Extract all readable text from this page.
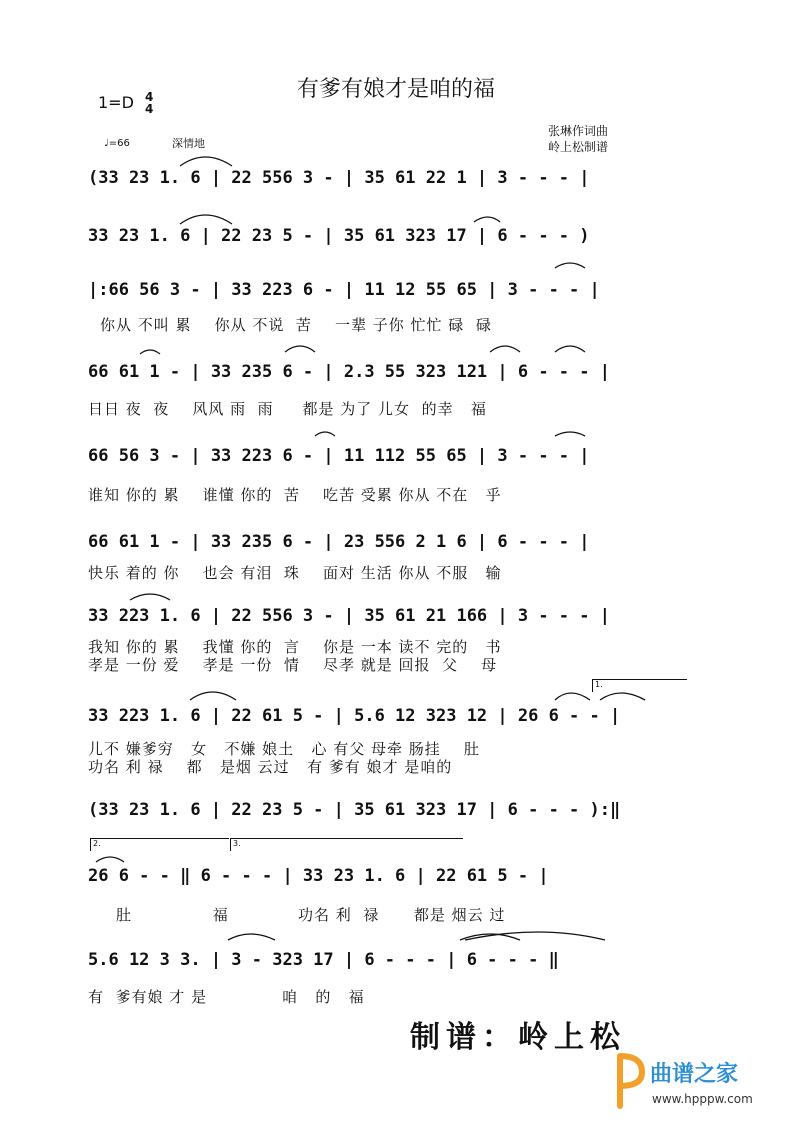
有爹有娘才是咱的福
1=D 4
4
♩=66	深情地
张琳作词曲
岭上松制谱
(33 23 1. 6 | 22 556 3 - | 35 61 22 1 | 3 - - - |
33 23 1. 6 | 22 23 5 - | 35 61 323 17 | 6 - - - )
|:66 56 3 - | 33 223 6 - | 11 12 55 65 | 3 - - - |
你从 不叫 累    你从 不说  苦    一辈 子你 忙忙 碌  碌
66 61 1 - | 33 235 6 - | 2.3 55 323 121 | 6 - - - |
日日 夜  夜    风风 雨  雨     都是 为了 儿女  的幸   福
66 56 3 - | 33 223 6 - | 11 112 55 65 | 3 - - - |
谁知 你的 累    谁懂 你的  苦    吃苦 受累 你从 不在   乎
66 61 1 - | 33 235 6 - | 23 556 2 1 6 | 6 - - - |
快乐 着的 你    也会 有泪  珠    面对 生活 你从 不服   输
33 223 1. 6 | 22 556 3 - | 35 61 21 166 | 3 - - - |
我知 你的 累    我懂 你的  言    你是 一本 读不 完的   书
孝是 一份 爱    孝是 一份  情    尽孝 就是 回报  父    母
1.
33 223 1. 6 | 22 61 5 - | 5.6 12 323 12 | 26 6 - - |
儿不 嫌爹穷   女   不嫌 娘土   心 有父 母牵 肠挂    肚
功名 利 禄    都   是烟 云过   有 爹有 娘才 是咱的
(33 23 1. 6 | 22 23 5 - | 35 61 323 17 | 6 - - - ):‖
2.	3.
26 6 - - ‖ 6 - - - | 33 23 1. 6 | 22 61 5 - |
肚              福            功名 利  禄      都是 烟云 过
5.6 12 3 3. | 3 - 323 17 | 6 - - - | 6 - - - ‖
有  爹有娘 才 是             咱   的   福
制谱：岭上松
曲谱之家
www.hpppw.com
